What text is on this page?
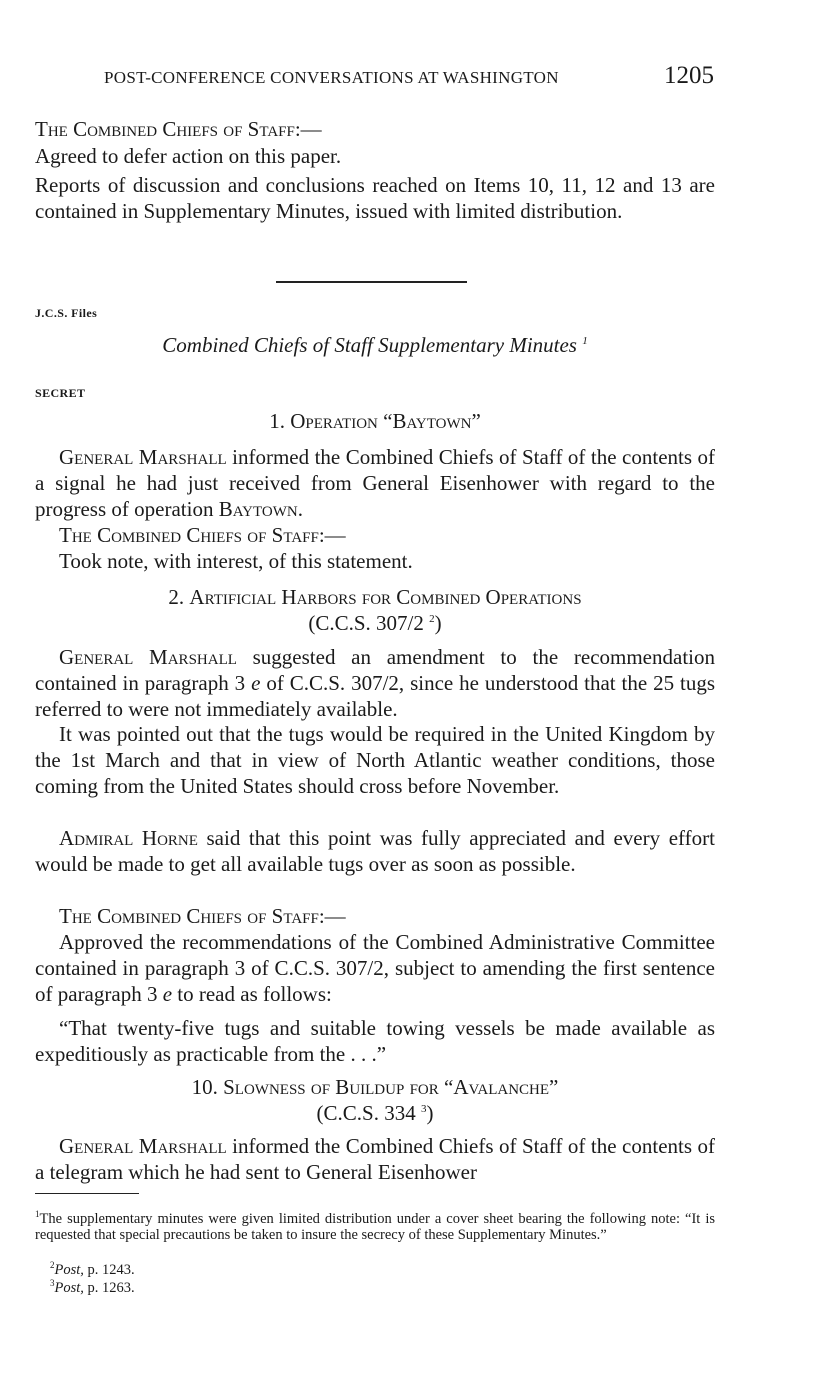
POST-CONFERENCE CONVERSATIONS AT WASHINGTON	1205
The Combined Chiefs of Staff:—
Agreed to defer action on this paper.
Reports of discussion and conclusions reached on Items 10, 11, 12 and 13 are contained in Supplementary Minutes, issued with limited distribution.
J.C.S. Files
Combined Chiefs of Staff Supplementary Minutes $^1$
SECRET
1. Operation “Baytown”
General Marshall informed the Combined Chiefs of Staff of the contents of a signal he had just received from General Eisenhower with regard to the progress of operation Baytown.
The Combined Chiefs of Staff:—
Took note, with interest, of this statement.
2. Artificial Harbors for Combined Operations
(C.C.S. 307/2 $^2$)
General Marshall suggested an amendment to the recommendation contained in paragraph 3 e of C.C.S. 307/2, since he understood that the 25 tugs referred to were not immediately available.
It was pointed out that the tugs would be required in the United Kingdom by the 1st March and that in view of North Atlantic weather conditions, those coming from the United States should cross before November.
Admiral Horne said that this point was fully appreciated and every effort would be made to get all available tugs over as soon as possible.
The Combined Chiefs of Staff:—
Approved the recommendations of the Combined Administrative Committee contained in paragraph 3 of C.C.S. 307/2, subject to amending the first sentence of paragraph 3 e to read as follows:
“That twenty-five tugs and suitable towing vessels be made available as expeditiously as practicable from the . . .”
10. Slowness of Buildup for “Avalanche”
(C.C.S. 334 $^3$)
General Marshall informed the Combined Chiefs of Staff of the contents of a telegram which he had sent to General Eisenhower
$^1$The supplementary minutes were given limited distribution under a cover sheet bearing the following note: “It is requested that special precautions be taken to insure the secrecy of these Supplementary Minutes.”
$^2$Post, p. 1243.
$^3$Post, p. 1263.
